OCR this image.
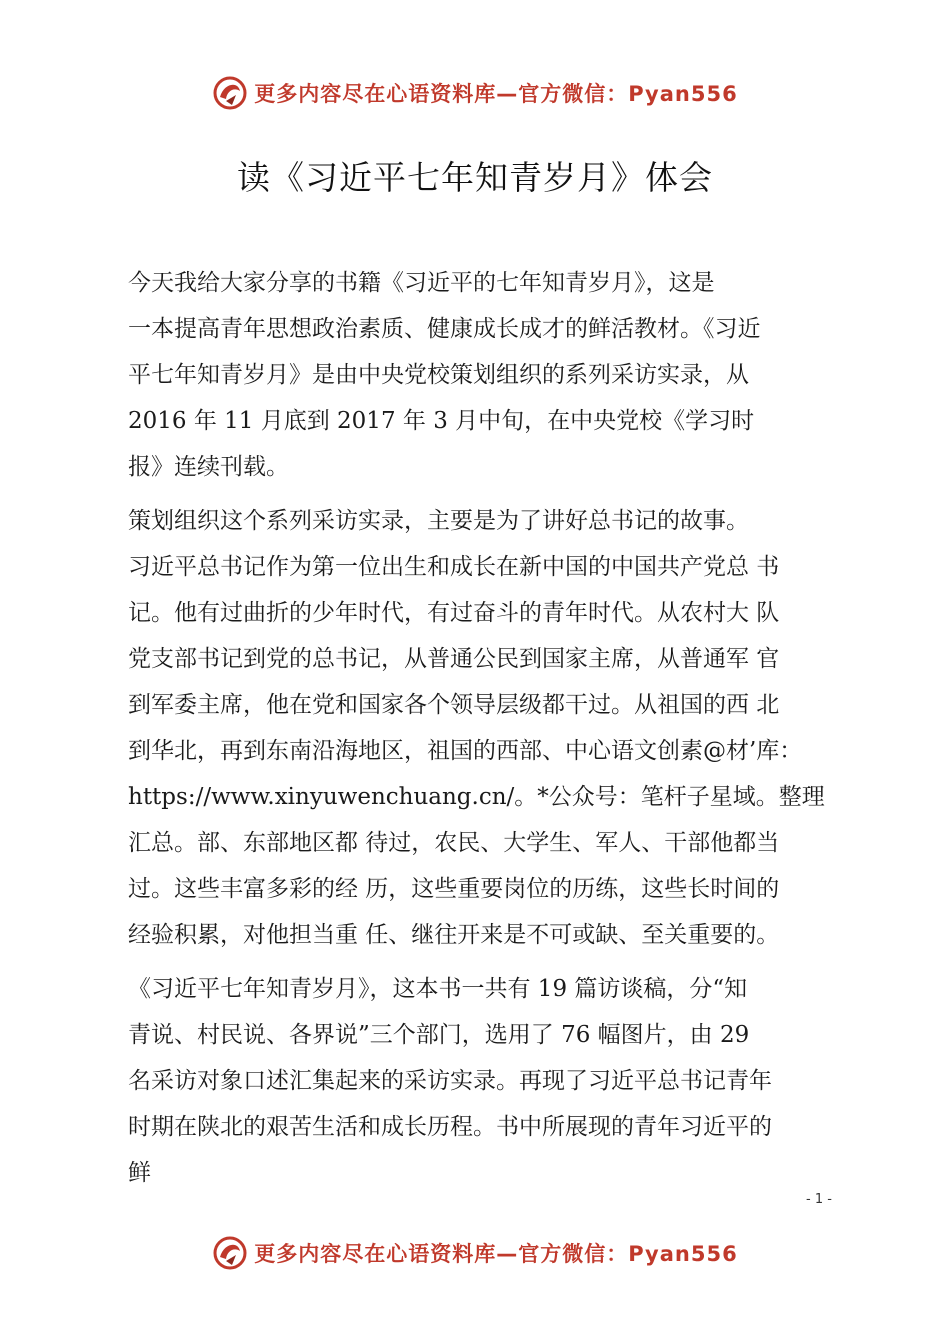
更多内容尽在心语资料库—官方微信：Pyan556
读《习近平七年知青岁月》体会
今天我给大家分享的书籍《习近平的七年知青岁月》，这是
一本提高青年思想政治素质、健康成长成才的鲜活教材。《习近
平七年知青岁月》是由中央党校策划组织的系列采访实录，从
2016 年 11 月底到 2017 年 3 月中旬，在中央党校《学习时
报》连续刊载。
策划组织这个系列采访实录，主要是为了讲好总书记的故事。
习近平总书记作为第一位出生和成长在新中国的中国共产党总 书
记。他有过曲折的少年时代，有过奋斗的青年时代。从农村大 队
党支部书记到党的总书记，从普通公民到国家主席，从普通军 官
到军委主席，他在党和国家各个领导层级都干过。从祖国的西 北
到华北，再到东南沿海地区，祖国的西部、中心语文创素@材’库：
https://www.xinyuwenchuang.cn/。*公众号：笔杆子星域。整理
汇总。部、东部地区都 待过，农民、大学生、军人、干部他都当
过。这些丰富多彩的经 历，这些重要岗位的历练，这些长时间的
经验积累，对他担当重 任、继往开来是不可或缺、至关重要的。
《习近平七年知青岁月》，这本书一共有 19 篇访谈稿，分“知
青说、村民说、各界说”三个部门，选用了 76 幅图片，由 29
名采访对象口述汇集起来的采访实录。再现了习近平总书记青年
时期在陕北的艰苦生活和成长历程。书中所展现的青年习近平的
鲜
- 1 -
更多内容尽在心语资料库—官方微信：Pyan556
